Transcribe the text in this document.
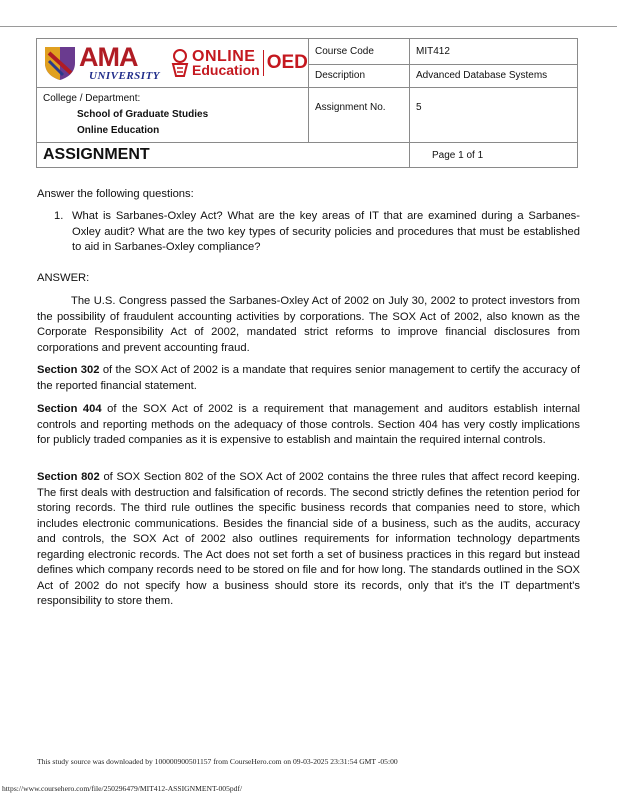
AMA
UNIVERSITY
ONLINE
Education OED	Course Code	MIT412
	Description	Advanced Database Systems

College / Department:
School of Graduate Studies
Online Education	Assignment No.	5
ASSIGNMENT		Page 1 of 1

Answer the following questions:

1. What is Sarbanes-Oxley Act? What are the key areas of IT that are examined during a Sarbanes-Oxley audit? What are the two key types of security policies and procedures that must be established to aid in Sarbanes-Oxley compliance?

ANSWER:

The U.S. Congress passed the Sarbanes-Oxley Act of 2002 on July 30, 2002 to protect investors from the possibility of fraudulent accounting activities by corporations. The SOX Act of 2002, also known as the Corporate Responsibility Act of 2002, mandated strict reforms to improve financial disclosures from corporations and prevent accounting fraud.

Section 302 of the SOX Act of 2002 is a mandate that requires senior management to certify the accuracy of the reported financial statement.

Section 404 of the SOX Act of 2002 is a requirement that management and auditors establish internal controls and reporting methods on the adequacy of those controls. Section 404 has very costly implications for publicly traded companies as it is expensive to establish and maintain the required internal controls.

Section 802 of SOX Section 802 of the SOX Act of 2002 contains the three rules that affect record keeping. The first deals with destruction and falsification of records. The second strictly defines the retention period for storing records. The third rule outlines the specific business records that companies need to store, which includes electronic communications. Besides the financial side of a business, such as the audits, accuracy and controls, the SOX Act of 2002 also outlines requirements for information technology departments regarding electronic records. The Act does not set forth a set of business practices in this regard but instead defines which company records need to be stored on file and for how long. The standards outlined in the SOX Act of 2002 do not specify how a business should store its records, only that it's the IT department's responsibility to store them.

This study source was downloaded by 100000900501157 from CourseHero.com on 09-03-2025 23:31:54 GMT -05:00
https://www.coursehero.com/file/250296479/MIT412-ASSIGNMENT-005pdf/
